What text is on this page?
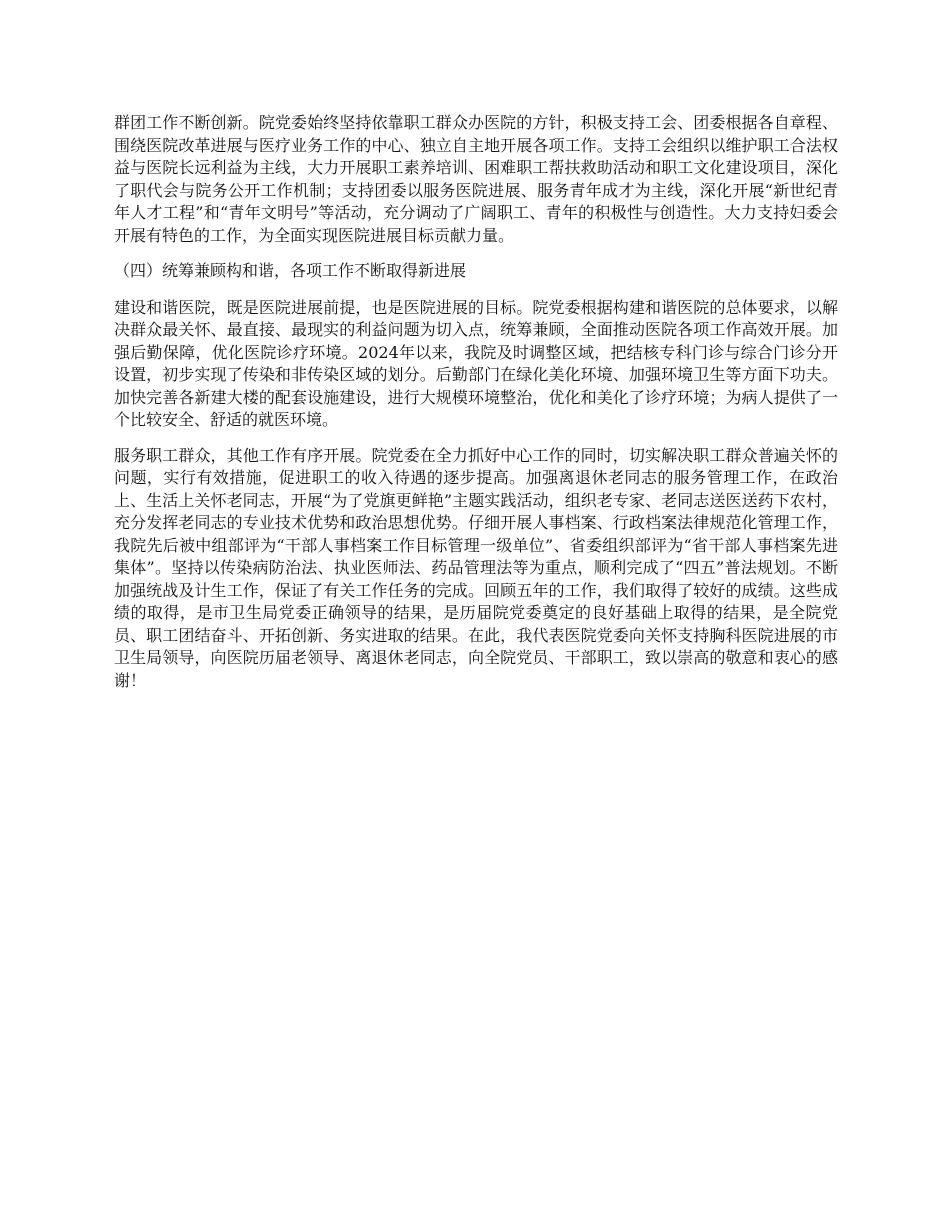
群团工作不断创新。院党委始终坚持依靠职工群众办医院的方针，积极支持工会、团委根据各自章程、围绕医院改革进展与医疗业务工作的中心、独立自主地开展各项工作。支持工会组织以维护职工合法权益与医院长远利益为主线，大力开展职工素养培训、困难职工帮扶救助活动和职工文化建设项目，深化了职代会与院务公开工作机制；支持团委以服务医院进展、服务青年成才为主线，深化开展“新世纪青年人才工程”和“青年文明号”等活动，充分调动了广阔职工、青年的积极性与创造性。大力支持妇委会开展有特色的工作，为全面实现医院进展目标贡献力量。

（四）统筹兼顾构和谐，各项工作不断取得新进展

建设和谐医院，既是医院进展前提，也是医院进展的目标。院党委根据构建和谐医院的总体要求，以解决群众最关怀、最直接、最现实的利益问题为切入点，统筹兼顾，全面推动医院各项工作高效开展。加强后勤保障，优化医院诊疗环境。2024年以来，我院及时调整区域，把结核专科门诊与综合门诊分开设置，初步实现了传染和非传染区域的划分。后勤部门在绿化美化环境、加强环境卫生等方面下功夫。加快完善各新建大楼的配套设施建设，进行大规模环境整治，优化和美化了诊疗环境；为病人提供了一个比较安全、舒适的就医环境。

服务职工群众，其他工作有序开展。院党委在全力抓好中心工作的同时，切实解决职工群众普遍关怀的问题，实行有效措施，促进职工的收入待遇的逐步提高。加强离退休老同志的服务管理工作，在政治上、生活上关怀老同志，开展“为了党旗更鲜艳”主题实践活动，组织老专家、老同志送医送药下农村，充分发挥老同志的专业技术优势和政治思想优势。仔细开展人事档案、行政档案法律规范化管理工作，我院先后被中组部评为“干部人事档案工作目标管理一级单位”、省委组织部评为“省干部人事档案先进集体”。坚持以传染病防治法、执业医师法、药品管理法等为重点，顺利完成了“四五”普法规划。不断加强统战及计生工作，保证了有关工作任务的完成。回顾五年的工作，我们取得了较好的成绩。这些成绩的取得，是市卫生局党委正确领导的结果，是历届院党委奠定的良好基础上取得的结果，是全院党员、职工团结奋斗、开拓创新、务实进取的结果。在此，我代表医院党委向关怀支持胸科医院进展的市卫生局领导，向医院历届老领导、离退休老同志，向全院党员、干部职工，致以崇高的敬意和衷心的感谢！
